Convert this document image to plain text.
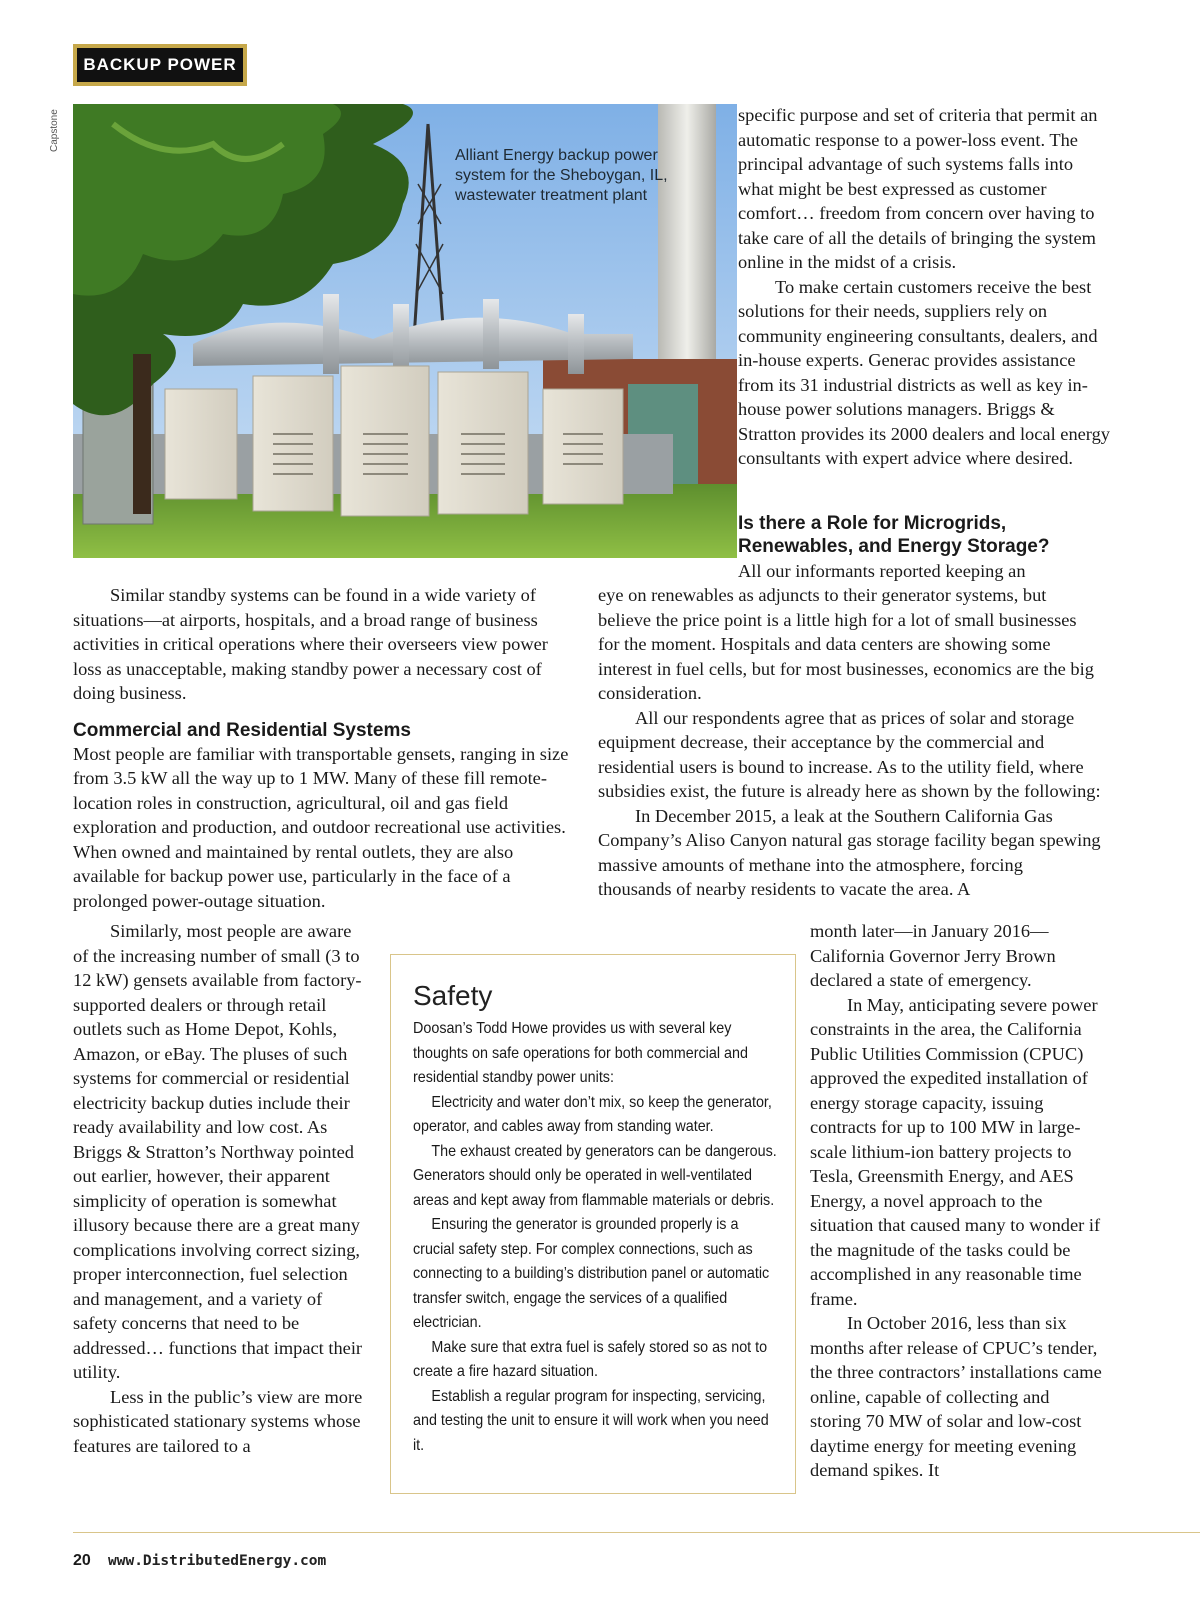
BACKUP POWER
Capstone
Alliant Energy backup power system for the Sheboygan, IL, wastewater treatment plant

specific purpose and set of criteria that permit an automatic response to a power-loss event. The principal advantage of such systems falls into what might be best expressed as customer comfort… freedom from concern over having to take care of all the details of bringing the system online in the midst of a crisis.

To make certain customers receive the best solutions for their needs, suppliers rely on community engineering consultants, dealers, and in-house experts. Generac provides assistance from its 31 industrial districts as well as key in-house power solutions managers. Briggs & Stratton provides its 2000 dealers and local energy consultants with expert advice where desired.

Is there a Role for Microgrids, Renewables, and Energy Storage?

All our informants reported keeping an

eye on renewables as adjuncts to their generator systems, but believe the price point is a little high for a lot of small businesses for the moment. Hospitals and data centers are showing some interest in fuel cells, but for most businesses, economics are the big consideration.

All our respondents agree that as prices of solar and storage equipment decrease, their acceptance by the commercial and residential users is bound to increase. As to the utility field, where subsidies exist, the future is already here as shown by the following:

In December 2015, a leak at the Southern California Gas Company’s Aliso Canyon natural gas storage facility began spewing massive amounts of methane into the atmosphere, forcing thousands of nearby residents to vacate the area. A

Similar standby systems can be found in a wide variety of situations—at airports, hospitals, and a broad range of business activities in critical operations where their overseers view power loss as unacceptable, making standby power a necessary cost of doing business.

Commercial and Residential Systems

Most people are familiar with transportable gensets, ranging in size from 3.5 kW all the way up to 1 MW. Many of these fill remote-location roles in construction, agricultural, oil and gas field exploration and production, and outdoor recreational use activities. When owned and maintained by rental outlets, they are also available for backup power use, particularly in the face of a prolonged power-outage situation.

Similarly, most people are aware of the increasing number of small (3 to 12 kW) gensets available from factory-supported dealers or through retail outlets such as Home Depot, Kohls, Amazon, or eBay. The pluses of such systems for commercial or residential electricity backup duties include their ready availability and low cost. As Briggs & Stratton’s Northway pointed out earlier, however, their apparent simplicity of operation is somewhat illusory because there are a great many complications involving correct sizing, proper interconnection, fuel selection and management, and a variety of safety concerns that need to be addressed… functions that impact their utility.

Less in the public’s view are more sophisticated stationary systems whose features are tailored to a

Safety

Doosan’s Todd Howe provides us with several key thoughts on safe operations for both commercial and residential standby power units:

Electricity and water don’t mix, so keep the generator, operator, and cables away from standing water.

The exhaust created by generators can be dangerous. Generators should only be operated in well-ventilated areas and kept away from flammable materials or debris.

Ensuring the generator is grounded properly is a crucial safety step. For complex connections, such as connecting to a building’s distribution panel or automatic transfer switch, engage the services of a qualified electrician.

Make sure that extra fuel is safely stored so as not to create a fire hazard situation.

Establish a regular program for inspecting, servicing, and testing the unit to ensure it will work when you need it.

month later—in January 2016— California Governor Jerry Brown declared a state of emergency.

In May, anticipating severe power constraints in the area, the California Public Utilities Commission (CPUC) approved the expedited installation of energy storage capacity, issuing contracts for up to 100 MW in large-scale lithium-ion battery projects to Tesla, Greensmith Energy, and AES Energy, a novel approach to the situation that caused many to wonder if the magnitude of the tasks could be accomplished in any reasonable time frame.

In October 2016, less than six months after release of CPUC’s tender, the three contractors’ installations came online, capable of collecting and storing 70 MW of solar and low-cost daytime energy for meeting evening demand spikes. It

20 www.DistributedEnergy.com
